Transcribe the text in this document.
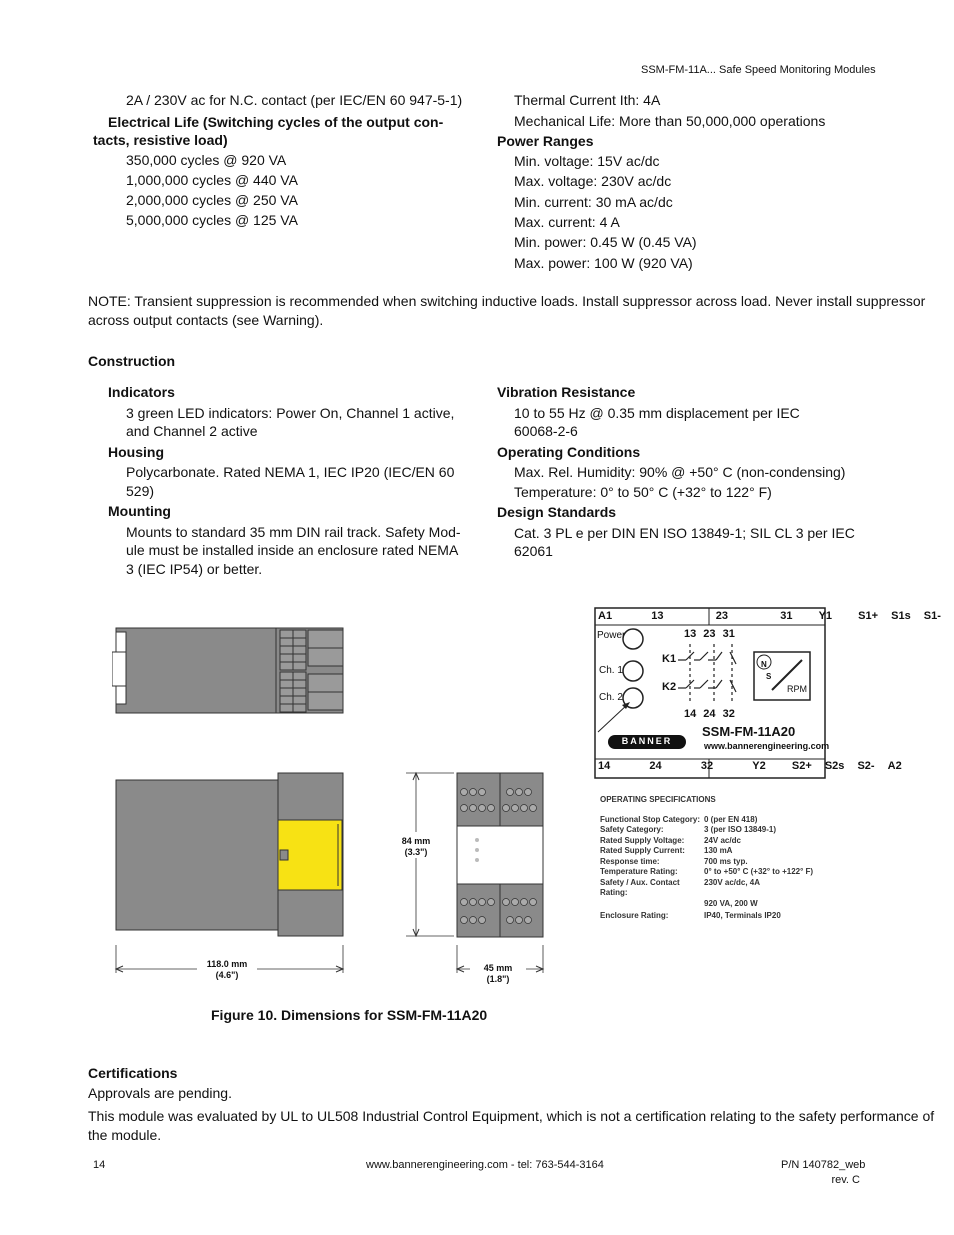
SSM-FM-11A... Safe Speed Monitoring Modules
2A / 230V ac for N.C. contact (per IEC/EN 60 947-5-1)
Electrical Life (Switching cycles of the output con-
tacts, resistive load)
350,000 cycles @ 920 VA
1,000,000 cycles @ 440 VA
2,000,000 cycles @ 250 VA
5,000,000 cycles @ 125 VA
Thermal Current Ith: 4A
Mechanical Life: More than 50,000,000 operations
Power Ranges
Min. voltage: 15V ac/dc
Max. voltage: 230V ac/dc
Min. current: 30 mA ac/dc
Max. current: 4 A
Min. power: 0.45 W (0.45 VA)
Max. power: 100 W (920 VA)
NOTE: Transient suppression is recommended when switching inductive loads. Install suppressor across load. Never install suppressor
across output contacts (see Warning).
Construction
Indicators
3 green LED indicators: Power On, Channel 1 active,
and Channel 2 active
Housing
Polycarbonate. Rated NEMA 1, IEC IP20 (IEC/EN 60
529)
Mounting
Mounts to standard 35 mm DIN rail track. Safety Mod-
ule must be installed inside an enclosure rated NEMA
3 (IEC IP54) or better.
Vibration Resistance
10 to 55 Hz @ 0.35 mm displacement per IEC
60068-2-6
Operating Conditions
Max. Rel. Humidity: 90% @ +50° C (non-condensing)
Temperature: 0° to 50° C (+32° to 122° F)
Design Standards
Cat. 3 PL e per DIN EN ISO 13849-1; SIL CL 3 per IEC
62061
84 mm
(3.3")
118.0 mm
(4.6")
45 mm
(1.8")
A1	13	23	31 Y1 S1+ S1s S1-
Power
Ch. 1
Ch. 2
13 23 31
K1
K2
14 24 32
N
S
RPM
BANNER
SSM-FM-11A20
www.bannerengineering.com
14	24	32	Y2 S2+ S2s S2- A2
OPERATING SPECIFICATIONS
Functional Stop Category: 0 (per EN 418)
Safety Category:	3 (per ISO 13849-1)
Rated Supply Voltage:	24V ac/dc
Rated Supply Current:	130 mA
Response time:	700 ms typ.
Temperature Rating:	0° to +50° C (+32° to +122° F)
Safety / Aux. Contact Rating:
230V ac/dc, 4A
920 VA, 200 W
Enclosure Rating:	IP40, Terminals IP20
Figure 10. Dimensions for SSM-FM-11A20
Certifications
Approvals are pending.
This module was evaluated by UL to UL508 Industrial Control Equipment, which is not a certification relating to the safety performance of
the module.
14	www.bannerengineering.com - tel: 763-544-3164	P/N 140782_web
rev. C
